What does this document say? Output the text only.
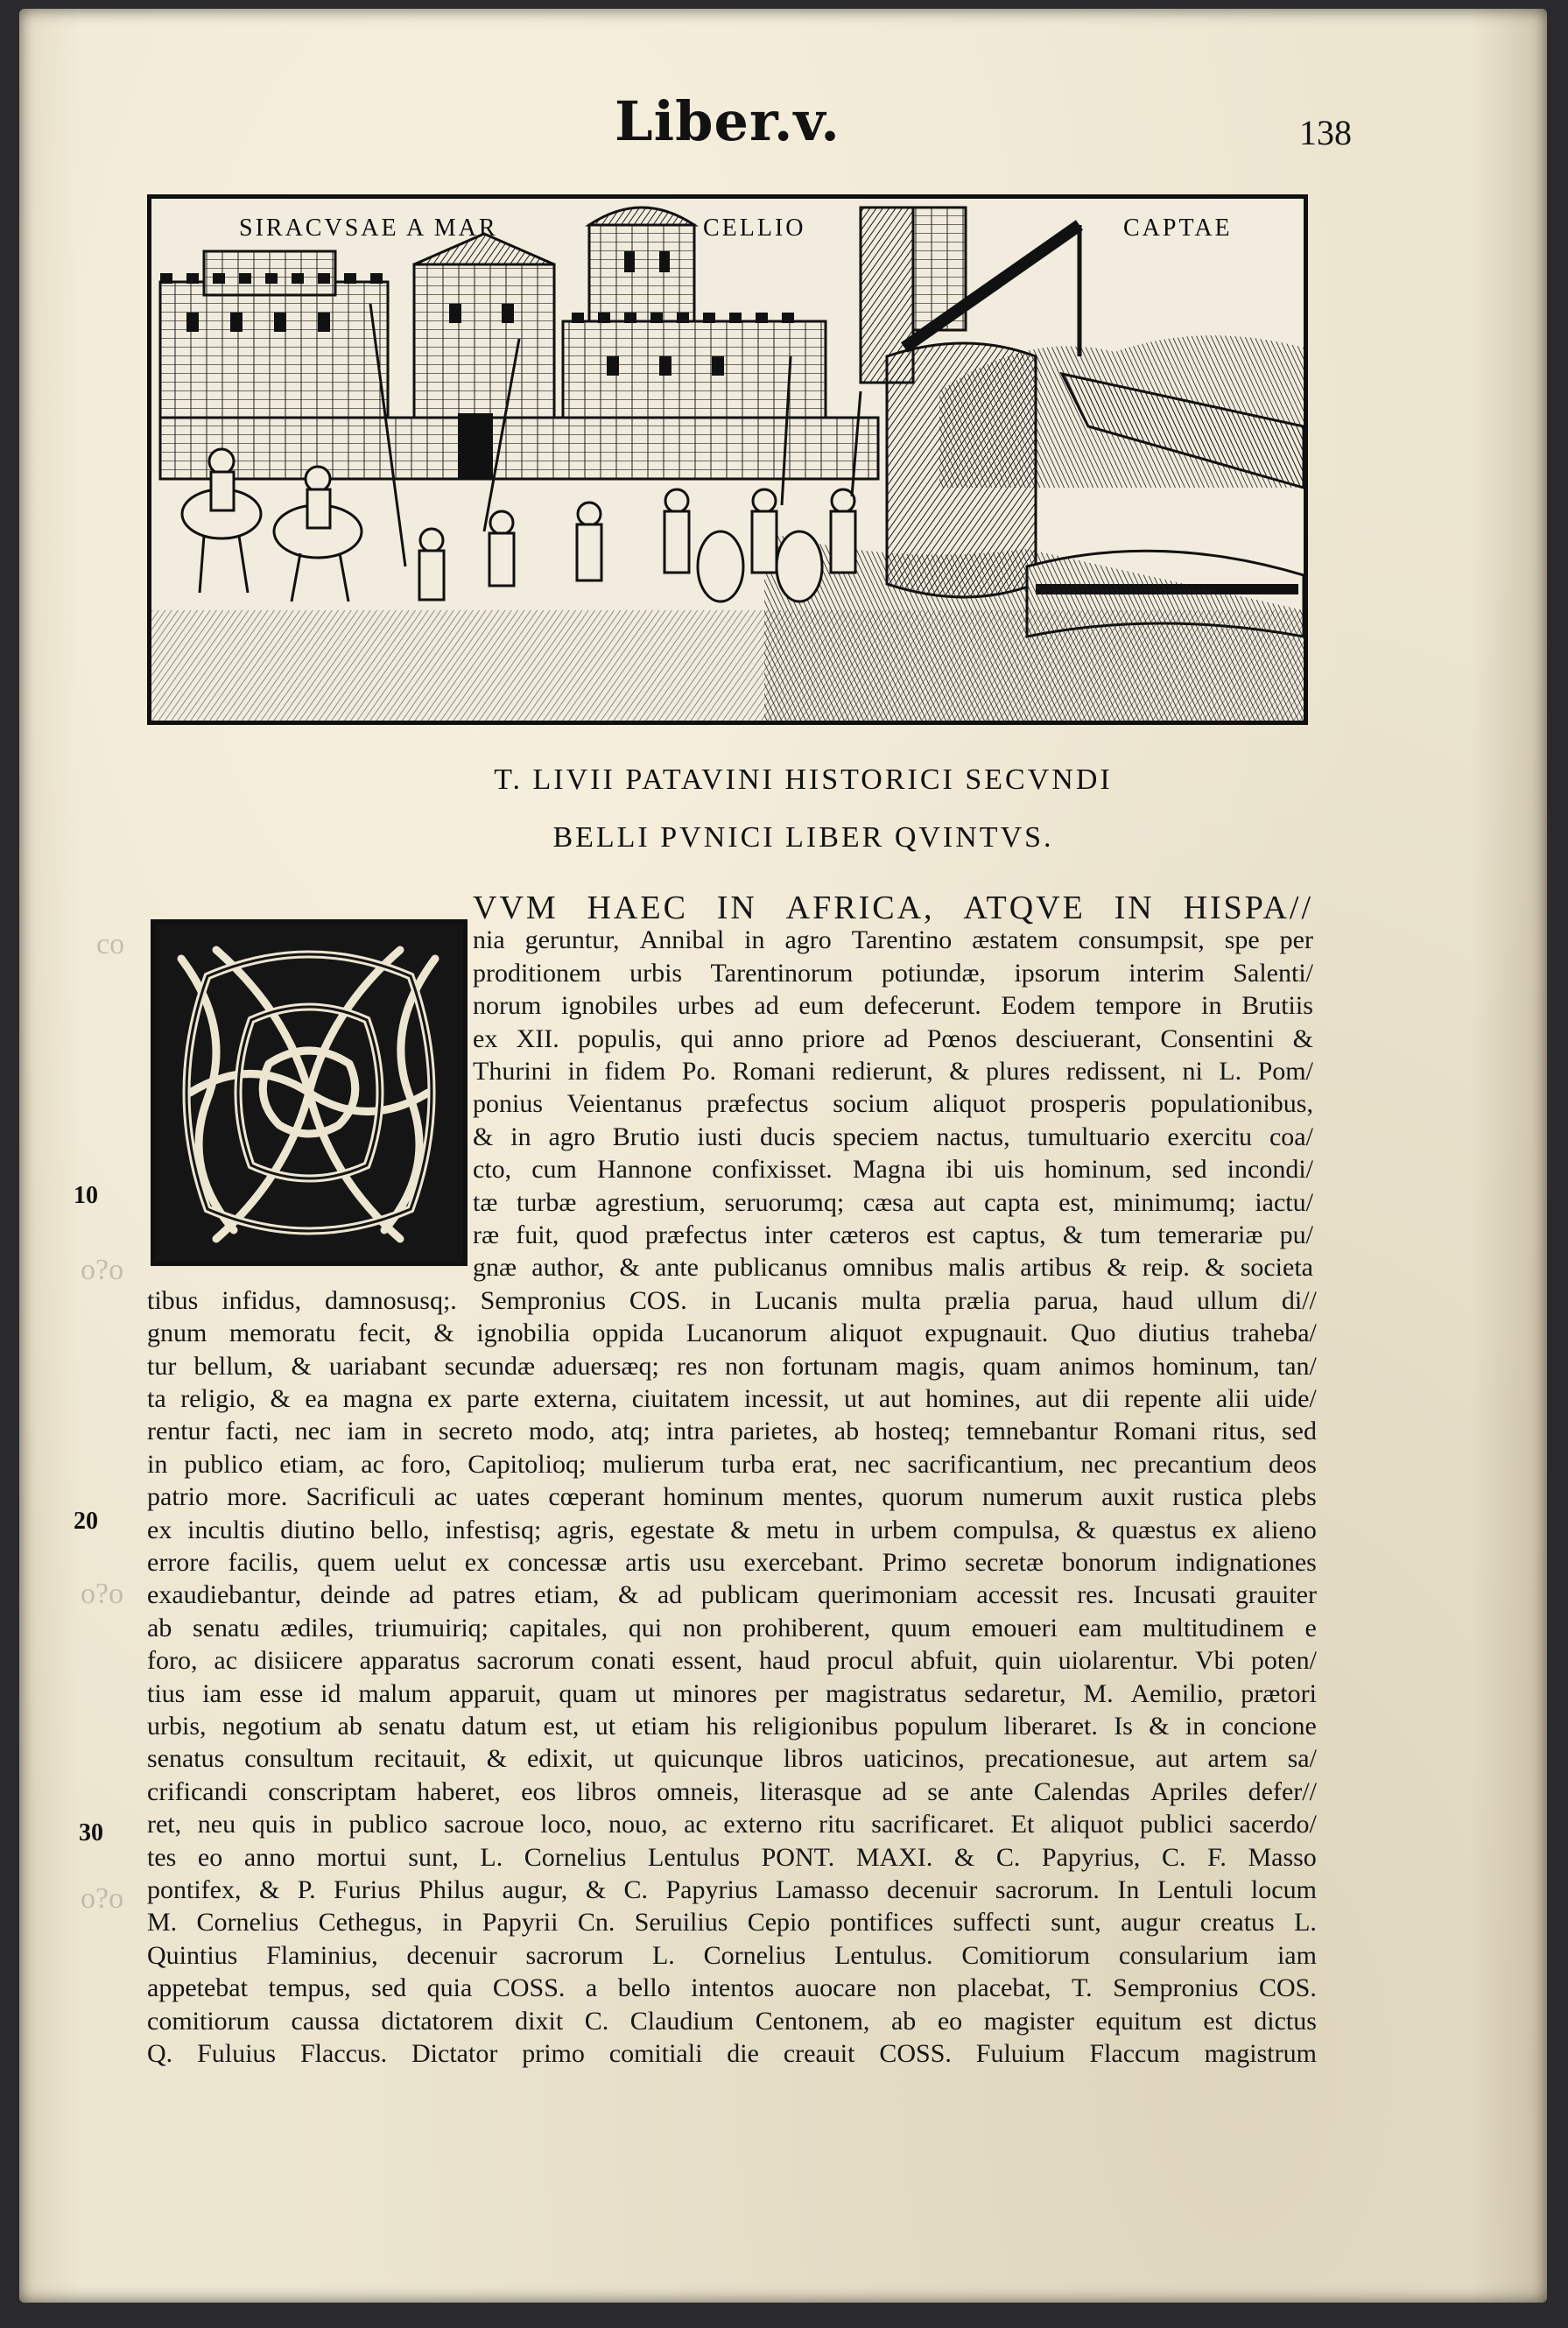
Liber.v.	138
SIRACVSAE A MAR	CELLIO	CAPTAE
T. LIVII PATAVINI HISTORICI SECVNDI
BELLI PVNICI LIBER QVINTVS.
VVM HAEC IN AFRICA, ATQVE IN HISPA//
nia geruntur, Annibal in agro Tarentino æstatem consumpsit, spe per
proditionem urbis Tarentinorum potiundæ, ipsorum interim Salenti/
norum ignobiles urbes ad eum defecerunt. Eodem tempore in Brutiis
ex XII. populis, qui anno priore ad Pœnos desciuerant, Consentini &
Thurini in fidem Po. Romani redierunt, & plures redissent, ni L. Pom/
ponius Veientanus præfectus socium aliquot prosperis populationibus,
& in agro Brutio iusti ducis speciem nactus, tumultuario exercitu coa/
cto, cum Hannone confixisset. Magna ibi uis hominum, sed incondi/
tæ turbæ agrestium, seruorumq; cæsa aut capta est, minimumq; iactu/
ræ fuit, quod præfectus inter cæteros est captus, & tum temerariæ pu/
gnæ author, & ante publicanus omnibus malis artibus & reip. & societa
tibus infidus, damnosusq;. Sempronius COS. in Lucanis multa prælia parua, haud ullum di//
gnum memoratu fecit, & ignobilia oppida Lucanorum aliquot expugnauit. Quo diutius traheba/
tur bellum, & uariabant secundæ aduersæq; res non fortunam magis, quam animos hominum, tan/
ta religio, & ea magna ex parte externa, ciuitatem incessit, ut aut homines, aut dii repente alii uide/
rentur facti, nec iam in secreto modo, atq; intra parietes, ab hosteq; temnebantur Romani ritus, sed
in publico etiam, ac foro, Capitolioq; mulierum turba erat, nec sacrificantium, nec precantium deos
patrio more. Sacrificuli ac uates cœperant hominum mentes, quorum numerum auxit rustica plebs
ex incultis diutino bello, infestisq; agris, egestate & metu in urbem compulsa, & quæstus ex alieno
errore facilis, quem uelut ex concessæ artis usu exercebant. Primo secretæ bonorum indignationes
exaudiebantur, deinde ad patres etiam, & ad publicam querimoniam accessit res. Incusati grauiter
ab senatu ædiles, triumuiriq; capitales, qui non prohiberent, quum emoueri eam multitudinem e
foro, ac disiicere apparatus sacrorum conati essent, haud procul abfuit, quin uiolarentur. Vbi poten/
tius iam esse id malum apparuit, quam ut minores per magistratus sedaretur, M. Aemilio, prætori
urbis, negotium ab senatu datum est, ut etiam his religionibus populum liberaret. Is & in concione
senatus consultum recitauit, & edixit, ut quicunque libros uaticinos, precationesue, aut artem sa/
crificandi conscriptam haberet, eos libros omneis, literasque ad se ante Calendas Apriles defer//
ret, neu quis in publico sacroue loco, nouo, ac externo ritu sacrificaret. Et aliquot publici sacerdo/
tes eo anno mortui sunt, L. Cornelius Lentulus PONT. MAXI. & C. Papyrius, C. F. Masso
pontifex, & P. Furius Philus augur, & C. Papyrius Lamasso decenuir sacrorum. In Lentuli locum
M. Cornelius Cethegus, in Papyrii Cn. Seruilius Cepio pontifices suffecti sunt, augur creatus L.
Quintius Flaminius, decenuir sacrorum L. Cornelius Lentulus. Comitiorum consularium iam
appetebat tempus, sed quia COSS. a bello intentos auocare non placebat, T. Sempronius COS.
comitiorum caussa dictatorem dixit C. Claudium Centonem, ab eo magister equitum est dictus
Q. Fuluius Flaccus. Dictator primo comitiali die creauit COSS. Fuluium Flaccum magistrum
10
20
30
co
o?o
o?o
o?o
